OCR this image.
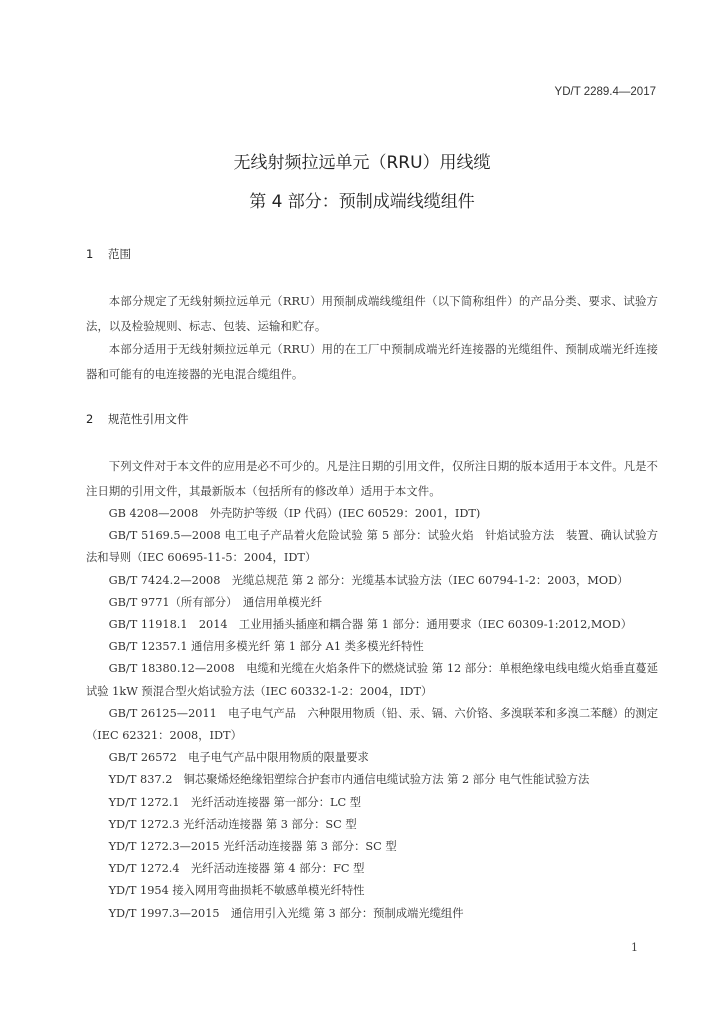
YD/T 2289.4—2017
无线射频拉远单元（RRU）用线缆
第 4 部分：预制成端线缆组件
1 范围

本部分规定了无线射频拉远单元（RRU）用预制成端线缆组件（以下简称组件）的产品分类、要求、试验方法，以及检验规则、标志、包装、运输和贮存。

本部分适用于无线射频拉远单元（RRU）用的在工厂中预制成端光纤连接器的光缆组件、预制成端光纤连接器和可能有的电连接器的光电混合缆组件。

2 规范性引用文件

下列文件对于本文件的应用是必不可少的。凡是注日期的引用文件，仅所注日期的版本适用于本文件。凡是不注日期的引用文件，其最新版本（包括所有的修改单）适用于本文件。

GB 4208—2008　外壳防护等级（IP 代码）(IEC 60529：2001，IDT)
GB/T 5169.5—2008 电工电子产品着火危险试验 第 5 部分：试验火焰　针焰试验方法　装置、确认试验方法和导则（IEC 60695-11-5：2004，IDT）
GB/T 7424.2—2008　光缆总规范 第 2 部分：光缆基本试验方法（IEC 60794-1-2：2003，MOD）
GB/T 9771（所有部分）　通信用单模光纤
GB/T 11918.1　2014　工业用插头插座和耦合器 第 1 部分：通用要求（IEC 60309-1:2012,MOD）
GB/T 12357.1 通信用多模光纤 第 1 部分 A1 类多模光纤特性
GB/T 18380.12—2008　电缆和光缆在火焰条件下的燃烧试验 第 12 部分：单根绝缘电线电缆火焰垂直蔓延试验 1kW 预混合型火焰试验方法（IEC 60332-1-2：2004，IDT）
GB/T 26125—2011　电子电气产品　六种限用物质（铅、汞、镉、六价铬、多溴联苯和多溴二苯醚）的测定（IEC 62321：2008，IDT）
GB/T 26572　电子电气产品中限用物质的限量要求
YD/T 837.2　铜芯聚烯烃绝缘铝塑综合护套市内通信电缆试验方法 第 2 部分 电气性能试验方法
YD/T 1272.1　光纤活动连接器 第一部分：LC 型
YD/T 1272.3 光纤活动连接器 第 3 部分：SC 型
YD/T 1272.3—2015 光纤活动连接器 第 3 部分：SC 型
YD/T 1272.4　光纤活动连接器 第 4 部分：FC 型
YD/T 1954 接入网用弯曲损耗不敏感单模光纤特性
YD/T 1997.3—2015　通信用引入光缆 第 3 部分：预制成端光缆组件
1
